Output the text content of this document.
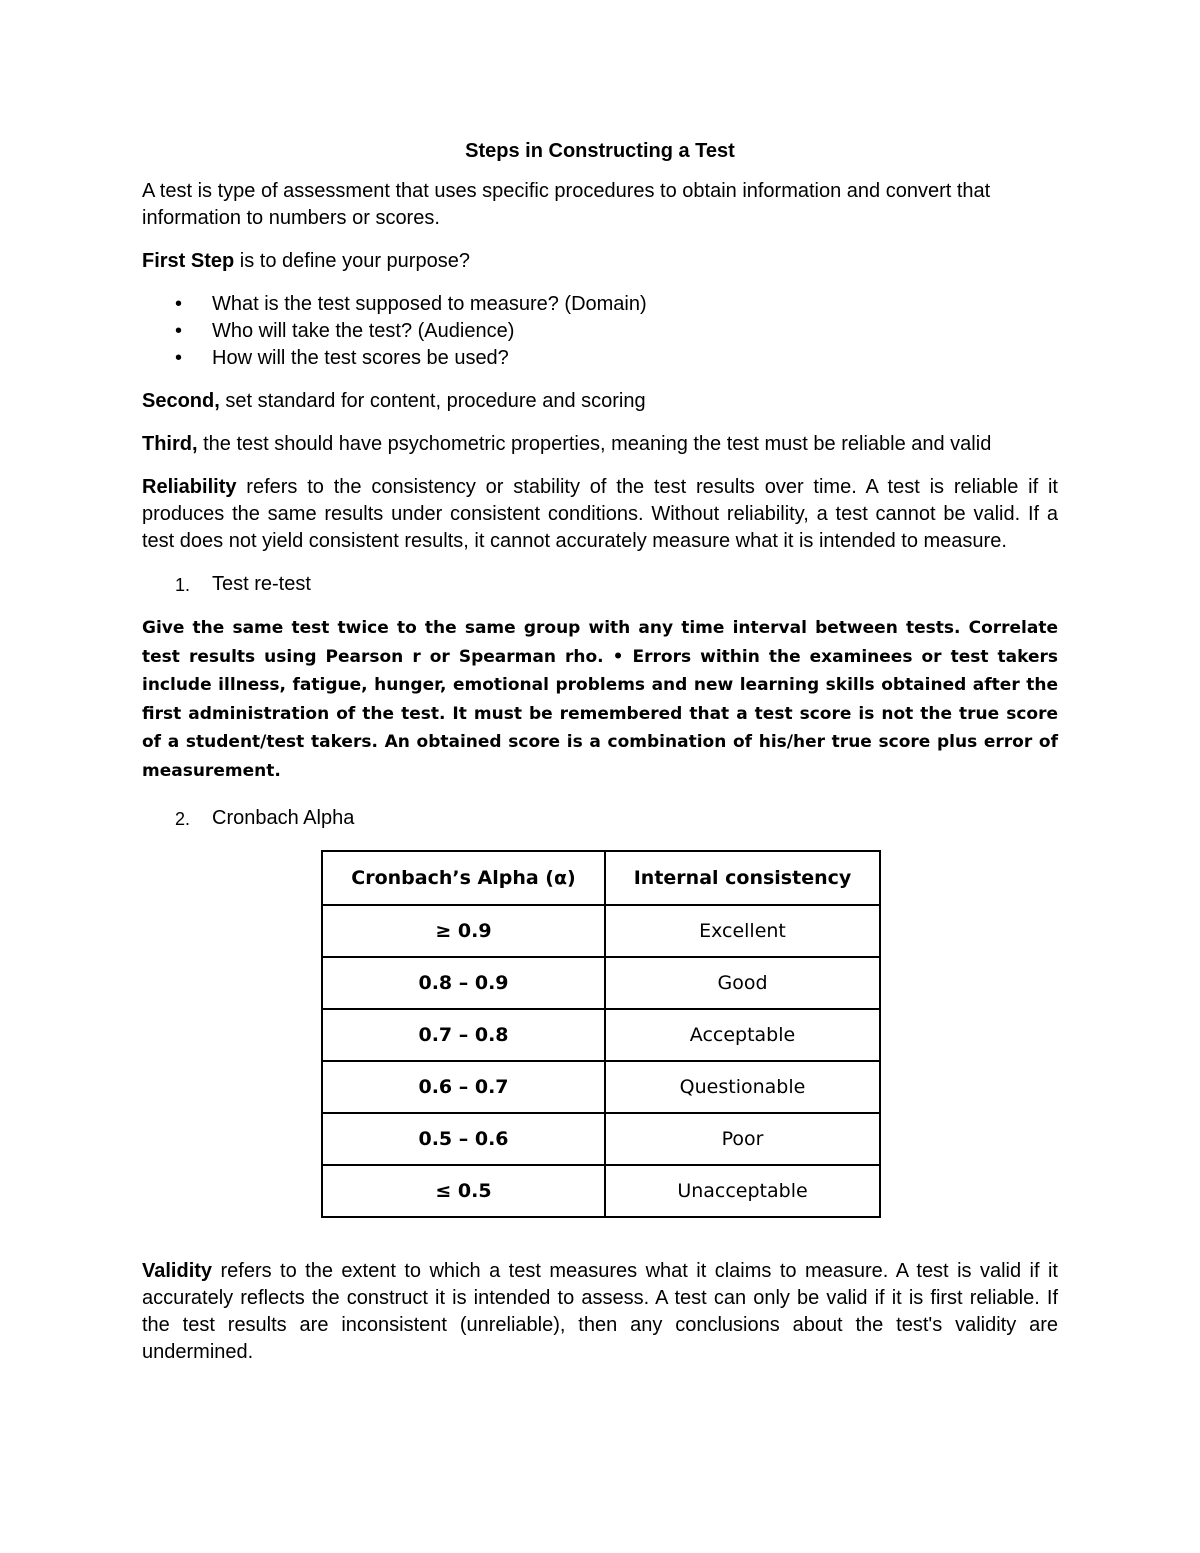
Steps in Constructing a Test

A test is type of assessment that uses specific procedures to obtain information and convert that information to numbers or scores.

First Step is to define your purpose?

• What is the test supposed to measure? (Domain)
• Who will take the test? (Audience)
• How will the test scores be used?

Second, set standard for content, procedure and scoring

Third, the test should have psychometric properties, meaning the test must be reliable and valid

Reliability refers to the consistency or stability of the test results over time. A test is reliable if it produces the same results under consistent conditions. Without reliability, a test cannot be valid. If a test does not yield consistent results, it cannot accurately measure what it is intended to measure.

1. Test re-test

Give the same test twice to the same group with any time interval between tests. Correlate test results using Pearson r or Spearman rho. • Errors within the examinees or test takers include illness, fatigue, hunger, emotional problems and new learning skills obtained after the first administration of the test. It must be remembered that a test score is not the true score of a student/test takers. An obtained score is a combination of his/her true score plus error of measurement.

2. Cronbach Alpha
Cronbach’s Alpha (α)	Internal consistency
≥ 0.9	Excellent
0.8 – 0.9	Good
0.7 – 0.8	Acceptable
0.6 – 0.7	Questionable
0.5 – 0.6	Poor
≤ 0.5	Unacceptable

Validity refers to the extent to which a test measures what it claims to measure. A test is valid if it accurately reflects the construct it is intended to assess. A test can only be valid if it is first reliable. If the test results are inconsistent (unreliable), then any conclusions about the test's validity are undermined.
